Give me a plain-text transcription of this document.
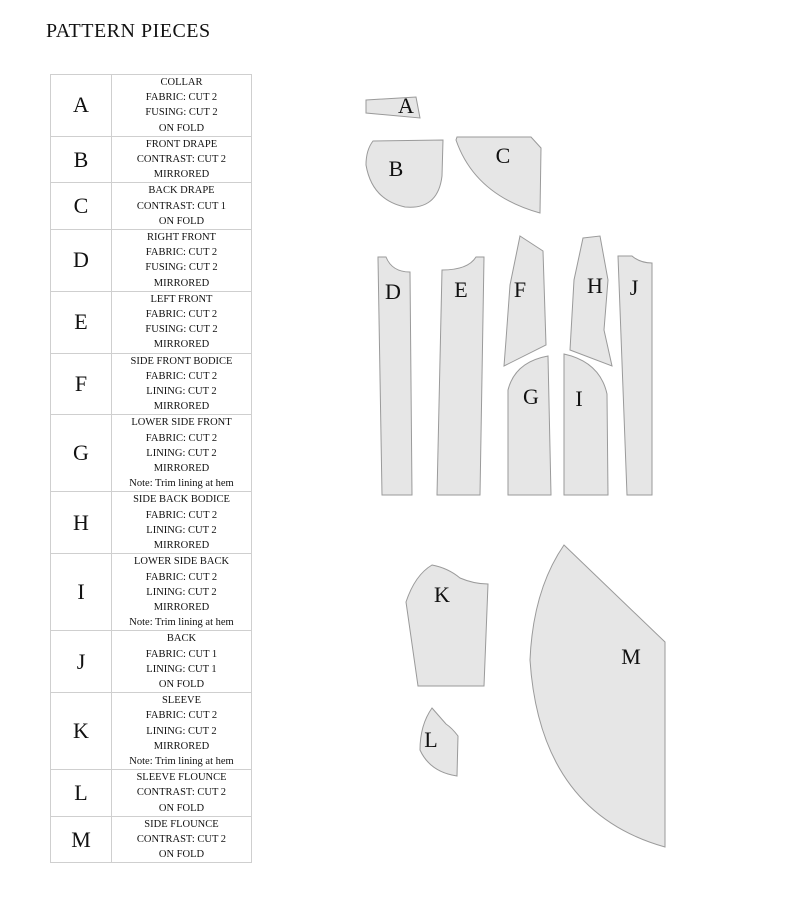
PATTERN PIECES
A	COLLAR
FABRIC: CUT 2
FUSING: CUT 2
ON FOLD

B	FRONT DRAPE
CONTRAST: CUT 2
MIRRORED

C	BACK DRAPE
CONTRAST: CUT 1
ON FOLD

D	RIGHT FRONT
FABRIC: CUT 2
FUSING: CUT 2
MIRRORED

E	LEFT FRONT
FABRIC: CUT 2
FUSING: CUT 2
MIRRORED

F	SIDE FRONT BODICE
FABRIC: CUT 2
LINING: CUT 2
MIRRORED

G	LOWER SIDE FRONT
FABRIC: CUT 2
LINING: CUT 2
MIRRORED
Note: Trim lining at hem

H	SIDE BACK BODICE
FABRIC: CUT 2
LINING: CUT 2
MIRRORED

I	LOWER SIDE BACK
FABRIC: CUT 2
LINING: CUT 2
MIRRORED
Note: Trim lining at hem

J	BACK
FABRIC: CUT 1
LINING: CUT 1
ON FOLD

K	SLEEVE
FABRIC: CUT 2
LINING: CUT 2
MIRRORED
Note: Trim lining at hem

L	SLEEVE FLOUNCE
CONTRAST: CUT 2
ON FOLD

M	SIDE FLOUNCE
CONTRAST: CUT 2
ON FOLD
A
B
C
D E F	H J
G I
K
L
M
